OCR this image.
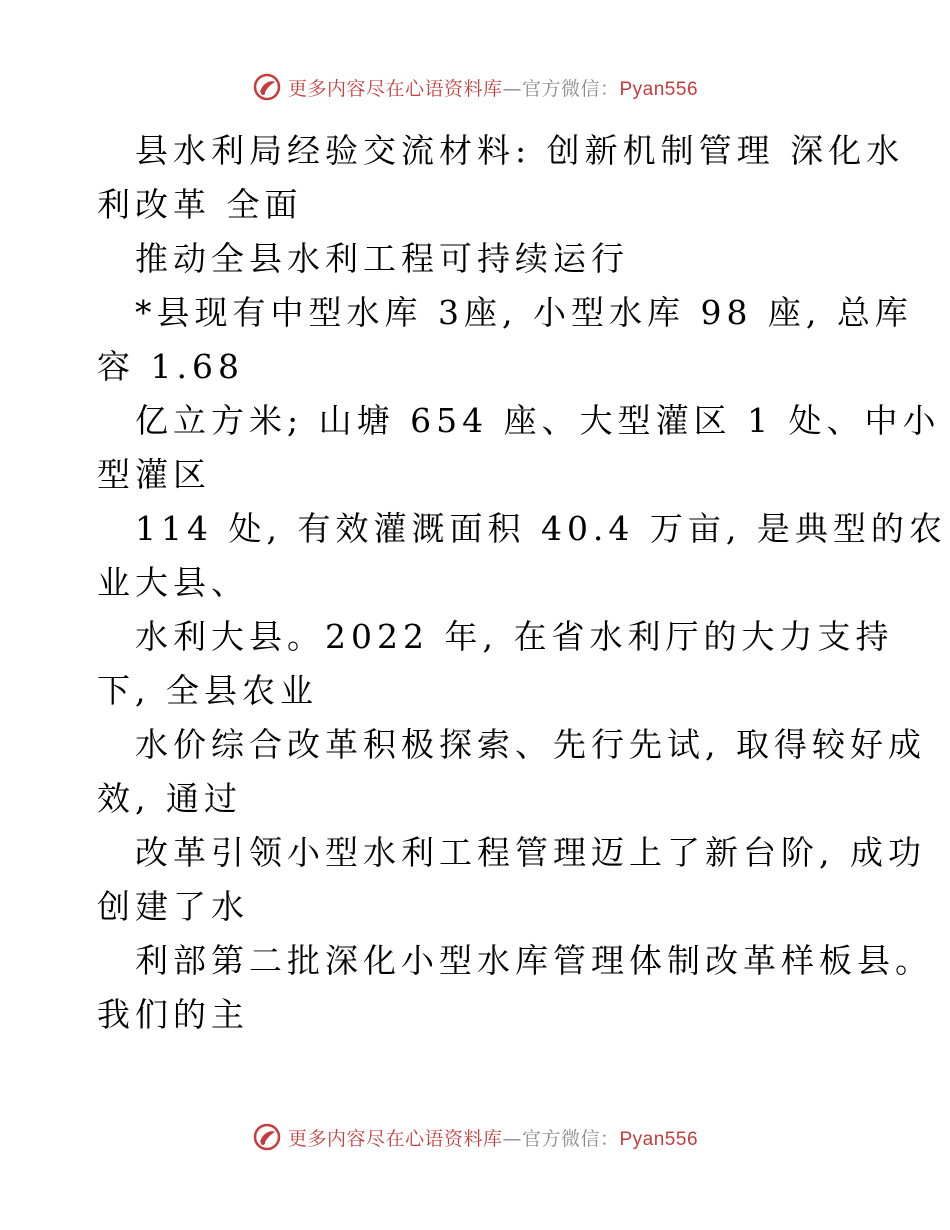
更多内容尽在心语资料库—官方微信：Pyan556
县水利局经验交流材料: 创新机制管理 深化水
利改革 全面
推动全县水利工程可持续运行
*县现有中型水库 3座, 小型水库 98 座, 总库
容 1.68
亿立方米; 山塘 654 座、大型灌区 1 处、中小
型灌区
114 处, 有效灌溉面积 40.4 万亩, 是典型的农
业大县、
水利大县。2022 年, 在省水利厅的大力支持
下, 全县农业
水价综合改革积极探索、先行先试, 取得较好成
效, 通过
改革引领小型水利工程管理迈上了新台阶, 成功
创建了水
利部第二批深化小型水库管理体制改革样板县。
我们的主
更多内容尽在心语资料库—官方微信：Pyan556
